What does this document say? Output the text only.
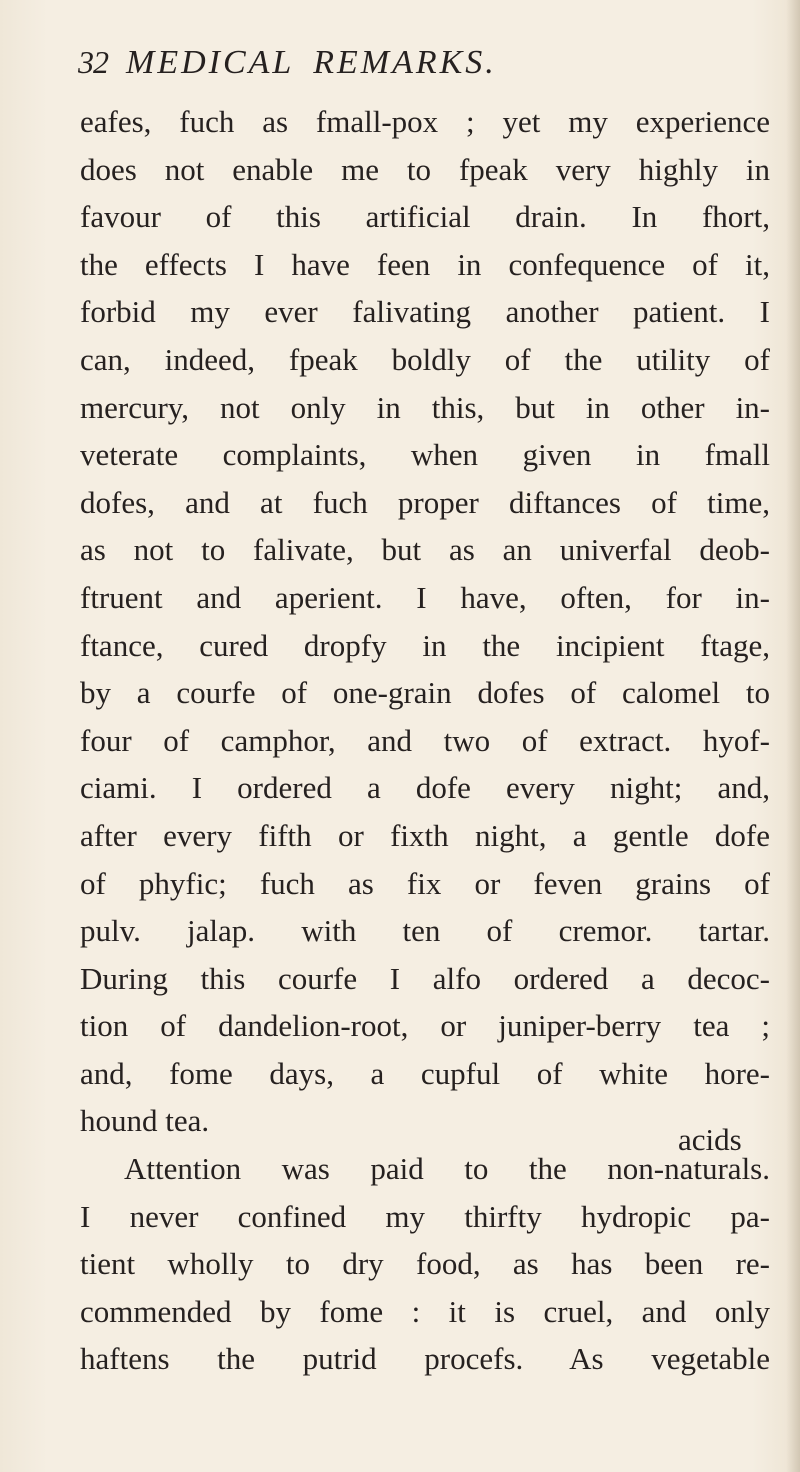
32 MEDICAL REMARKS.
eafes, fuch as fmall-pox ; yet my experience
does not enable me to fpeak very highly in
favour of this artificial drain. In fhort,
the effects I have feen in confequence of it,
forbid my ever falivating another patient. I
can, indeed, fpeak boldly of the utility of
mercury, not only in this, but in other in-
veterate complaints, when given in fmall
dofes, and at fuch proper diftances of time,
as not to falivate, but as an univerfal deob-
ftruent and aperient. I have, often, for in-
ftance, cured dropfy in the incipient ftage,
by a courfe of one-grain dofes of calomel to
four of camphor, and two of extract. hyof-
ciami. I ordered a dofe every night; and,
after every fifth or fixth night, a gentle dofe
of phyfic; fuch as fix or feven grains of
pulv. jalap. with ten of cremor. tartar.
During this courfe I alfo ordered a decoc-
tion of dandelion-root, or juniper-berry tea ;
and, fome days, a cupful of white hore-
hound tea.
Attention was paid to the non-naturals.
I never confined my thirfty hydropic pa-
tient wholly to dry food, as has been re-
commended by fome : it is cruel, and only
haftens the putrid procefs. As vegetable
acids
